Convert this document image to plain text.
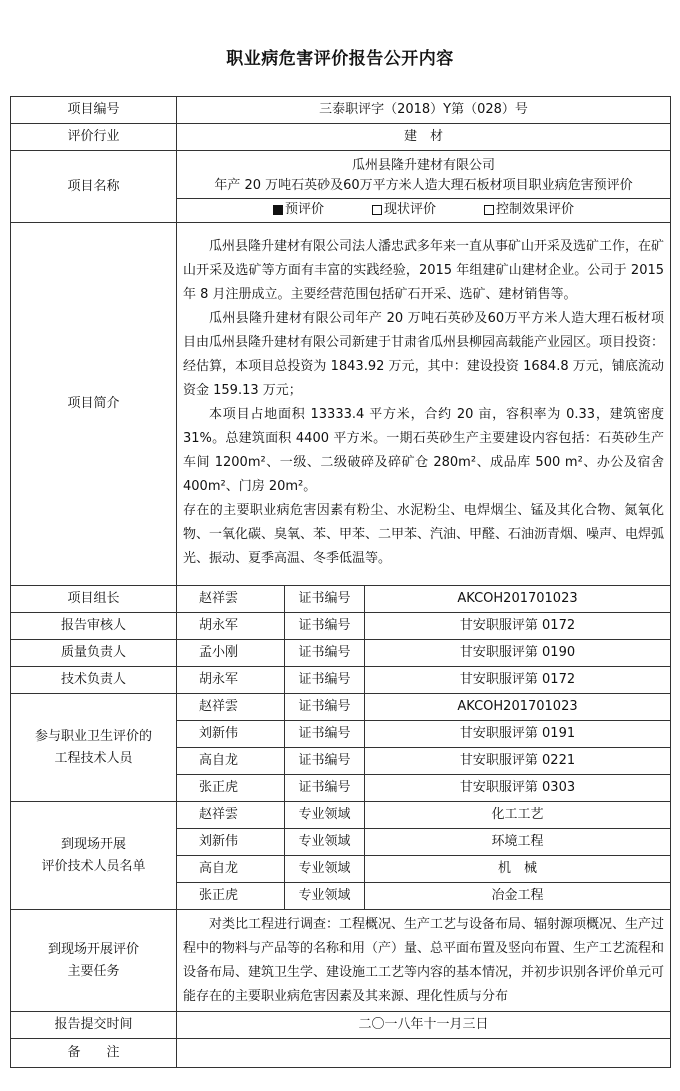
职业病危害评价报告公开内容
项目编号	三泰职评字（2018）Y第（028）号		
评价行业	建　材		
项目名称	瓜州县隆升建材有限公司
年产 20 万吨石英砂及60万平方米人造大理石板材项目职业病危害预评价
预评价 现状评价 控制效果评价		

项目简介	瓜州县隆升建材有限公司法人潘忠武多年来一直从事矿山开采及选矿工作，在矿山开采及选矿等方面有丰富的实践经验，2015 年组建矿山建材企业。公司于 2015 年 8 月注册成立。主要经营范围包括矿石开采、选矿、建材销售等。

瓜州县隆升建材有限公司年产 20 万吨石英砂及60万平方米人造大理石板材项目由瓜州县隆升建材有限公司新建于甘肃省瓜州县柳园高载能产业园区。项目投资：经估算，本项目总投资为 1843.92 万元，其中：建设投资 1684.8 万元，铺底流动资金 159.13 万元；

本项目占地面积 13333.4 平方米，合约 20 亩，容积率为 0.33，建筑密度 31%。总建筑面积 4400 平方米。一期石英砂生产主要建设内容包括：石英砂生产车间 1200m²、一级、二级破碎及碎矿仓 280m²、成品库 500 m²、办公及宿舍 400m²、门房 20m²。

存在的主要职业病危害因素有粉尘、水泥粉尘、电焊烟尘、锰及其化合物、氮氧化物、一氧化碳、臭氧、苯、甲苯、二甲苯、汽油、甲醛、石油沥青烟、噪声、电焊弧光、振动、夏季高温、冬季低温等。		

项目组长	赵祥雲	证书编号	AKCOH201701023
报告审核人	胡永军	证书编号	甘安职服评第 0172
质量负责人	孟小刚	证书编号	甘安职服评第 0190
技术负责人	胡永军	证书编号	甘安职服评第 0172

参与职业卫生评价的
工程技术人员	赵祥雲	证书编号	AKCOH201701023
	刘新伟	证书编号	甘安职服评第 0191
	高自龙	证书编号	甘安职服评第 0221
	张正虎	证书编号	甘安职服评第 0303

到现场开展
评价技术人员名单	赵祥雲	专业领域	化工工艺
	刘新伟	专业领域	环境工程
	高自龙	专业领域	机　械
	张正虎	专业领域	冶金工程

到现场开展评价
主要任务	对类比工程进行调查：工程概况、生产工艺与设备布局、辐射源项概况、生产过程中的物料与产品等的名称和用（产）量、总平面布置及竖向布置、生产工艺流程和设备布局、建筑卫生学、建设施工工艺等内容的基本情况，并初步识别各评价单元可能存在的主要职业病危害因素及其来源、理化性质与分布		

报告提交时间	二〇一八年十一月三日		
备　　注			
